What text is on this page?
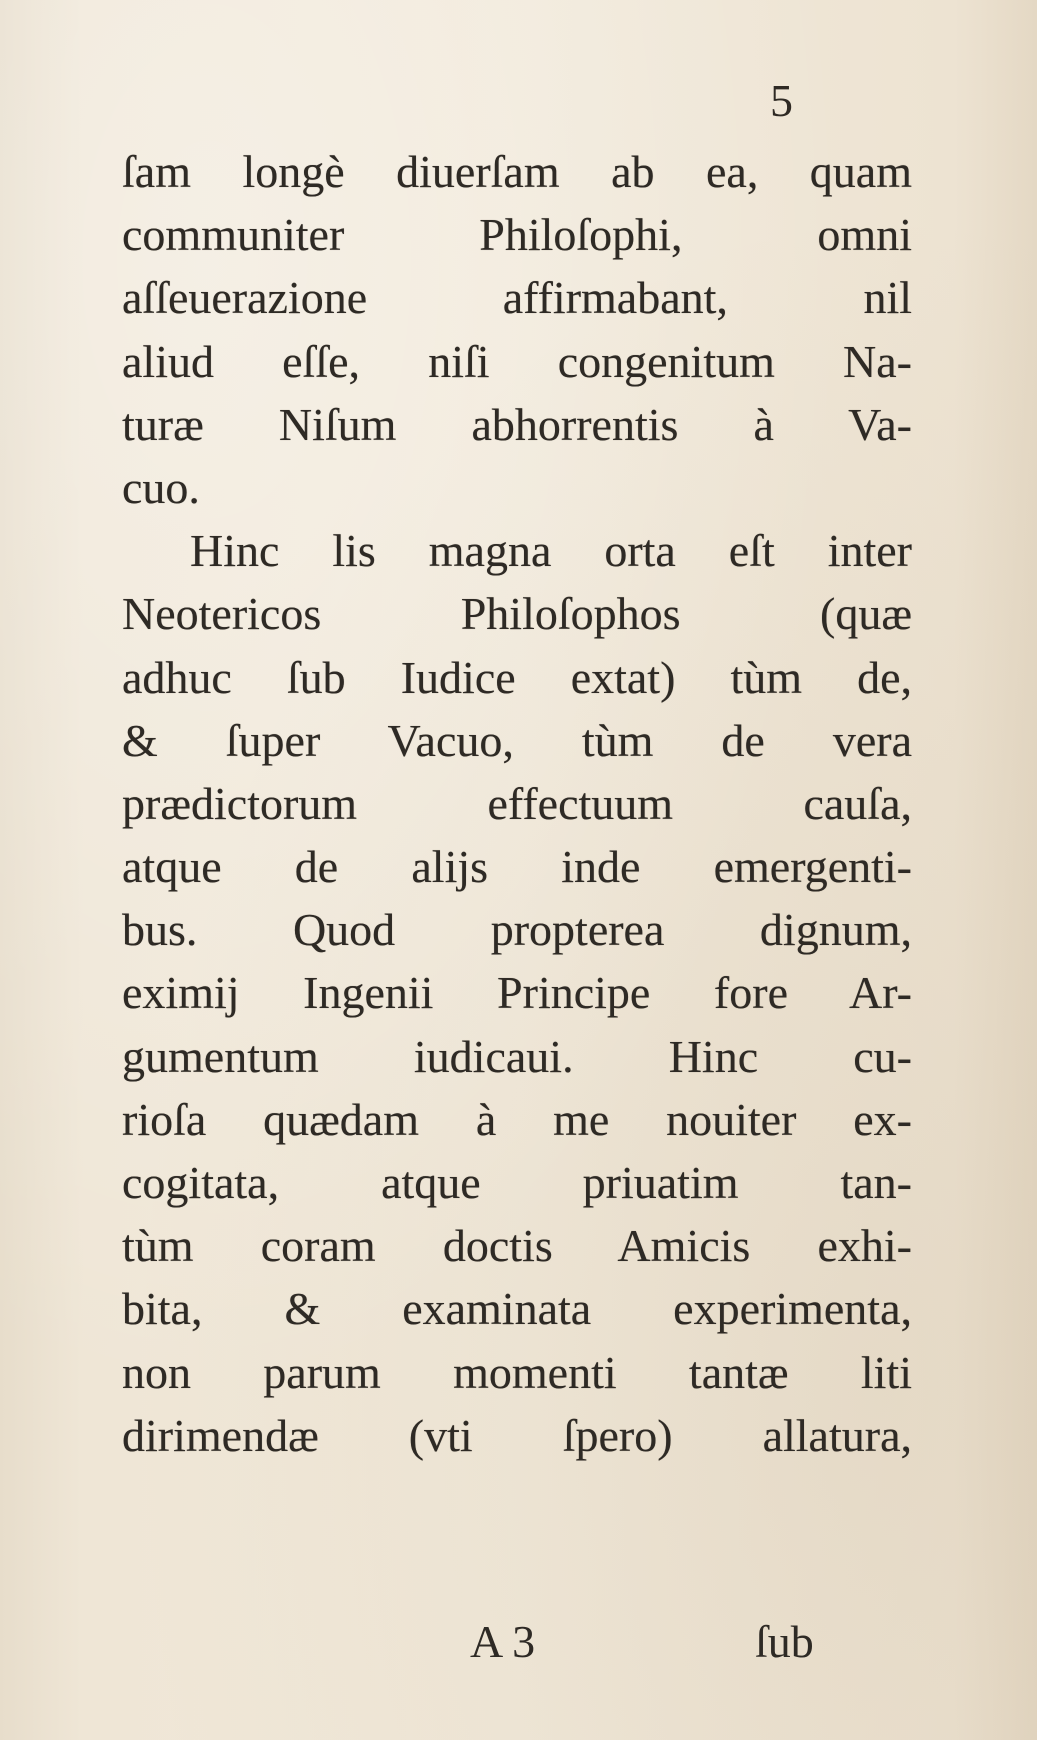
5
ſam longè diuerſam ab ea, quam
communiter Philoſophi, omni
aſſeuerazione affirmabant, nil
aliud eſſe, niſi congenitum Na-
turæ Niſum abhorrentis à Va-
cuo.
Hinc lis magna orta eſt inter
Neotericos Philoſophos (quæ
adhuc ſub Iudice extat) tùm de,
& ſuper Vacuo, tùm de vera
prædictorum effectuum cauſa,
atque de alijs inde emergenti-
bus. Quod propterea dignum,
eximij Ingenii Principe fore Ar-
gumentum iudicaui. Hinc cu-
rioſa quædam à me nouiter ex-
cogitata, atque priuatim tan-
tùm coram doctis Amicis exhi-
bita, & examinata experimenta,
non parum momenti tantæ liti
dirimendæ (vti ſpero) allatura,
A 3	ſub
